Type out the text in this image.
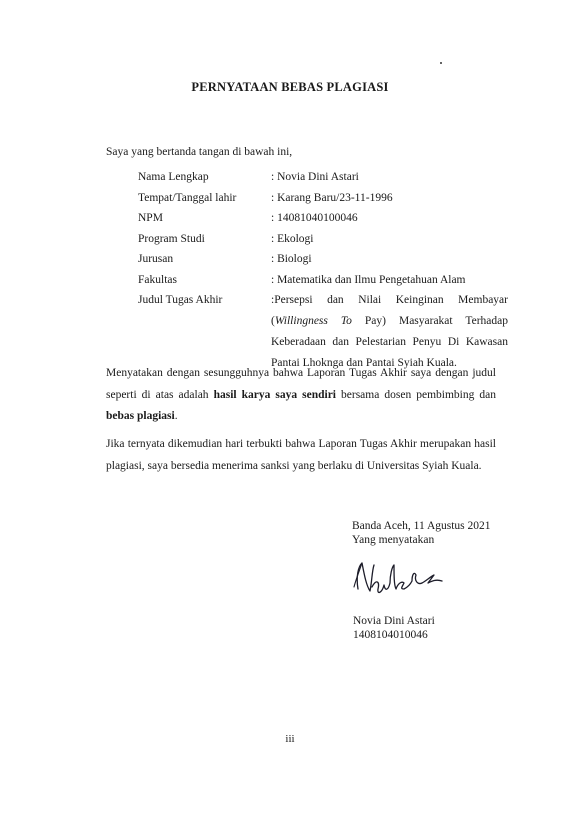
PERNYATAAN BEBAS PLAGIASI
Saya yang bertanda tangan di bawah ini,
Nama Lengkap	: Novia Dini Astari
Tempat/Tanggal lahir	: Karang Baru/23-11-1996
NPM	: 14081040100046
Program Studi	: Ekologi
Jurusan	: Biologi
Fakultas	: Matematika dan Ilmu Pengetahuan Alam
Judul Tugas Akhir	:Persepsi dan Nilai Keinginan Membayar (Willingness To Pay) Masyarakat Terhadap Keberadaan dan Pelestarian Penyu Di Kawasan Pantai Lhoknga dan Pantai Syiah Kuala.
Menyatakan dengan sesungguhnya bahwa Laporan Tugas Akhir saya dengan judul seperti di atas adalah hasil karya saya sendiri bersama dosen pembimbing dan bebas plagiasi.
Jika ternyata dikemudian hari terbukti bahwa Laporan Tugas Akhir merupakan hasil plagiasi, saya bersedia menerima sanksi yang berlaku di Universitas Syiah Kuala.
Banda Aceh, 11 Agustus 2021
Yang menyatakan
Novia Dini Astari
1408104010046
iii
